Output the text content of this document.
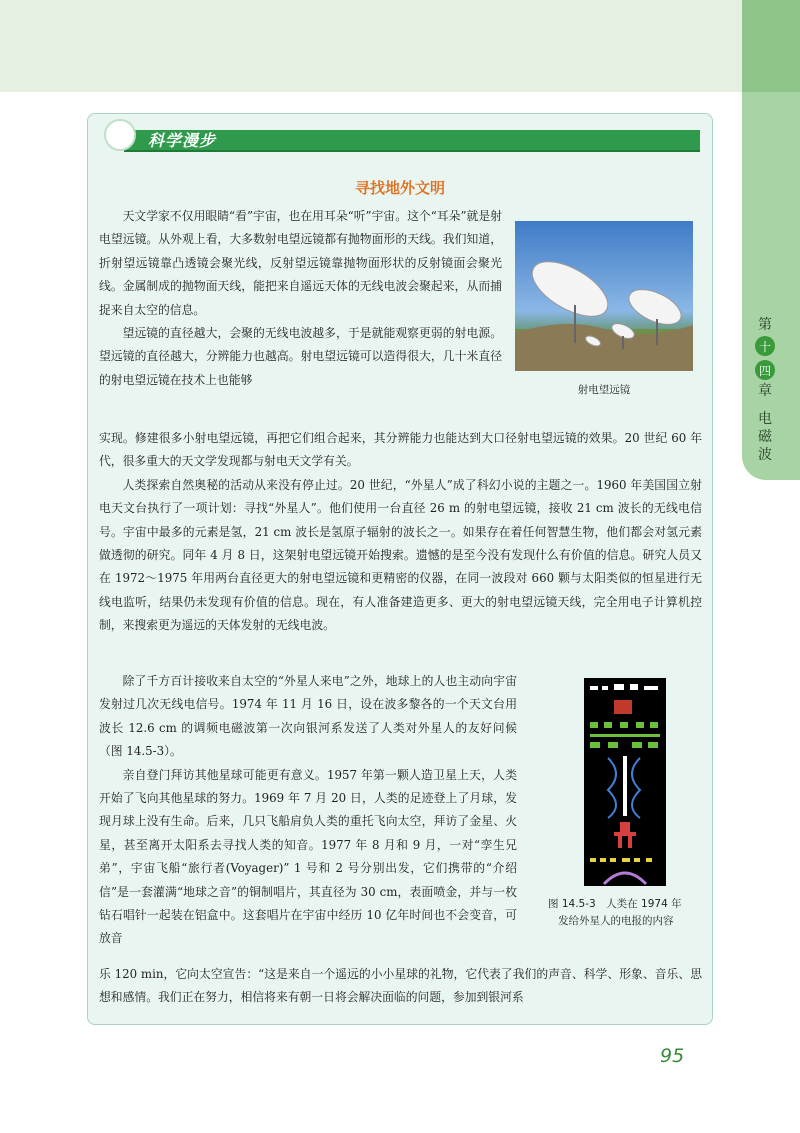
第
十
四
章
电磁波
科学漫步
寻找地外文明

天文学家不仅用眼睛“看”宇宙，也在用耳朵“听”宇宙。这个“耳朵”就是射电望远镜。从外观上看，大多数射电望远镜都有抛物面形的天线。我们知道，折射望远镜靠凸透镜会聚光线，反射望远镜靠抛物面形状的反射镜面会聚光线。金属制成的抛物面天线，能把来自遥远天体的无线电波会聚起来，从而捕捉来自太空的信息。

望远镜的直径越大，会聚的无线电波越多，于是就能观察更弱的射电源。望远镜的直径越大，分辨能力也越高。射电望远镜可以造得很大，几十米直径的射电望远镜在技术上也能够

射电望远镜

实现。修建很多小射电望远镜，再把它们组合起来，其分辨能力也能达到大口径射电望远镜的效果。20 世纪 60 年代，很多重大的天文学发现都与射电天文学有关。

人类探索自然奥秘的活动从来没有停止过。20 世纪，“外星人”成了科幻小说的主题之一。1960 年美国国立射电天文台执行了一项计划：寻找“外星人”。他们使用一台直径 26 m 的射电望远镜，接收 21 cm 波长的无线电信号。宇宙中最多的元素是氢，21 cm 波长是氢原子辐射的波长之一。如果存在着任何智慧生物，他们都会对氢元素做透彻的研究。同年 4 月 8 日，这架射电望远镜开始搜索。遗憾的是至今没有发现什么有价值的信息。研究人员又在 1972～1975 年用两台直径更大的射电望远镜和更精密的仪器，在同一波段对 660 颗与太阳类似的恒星进行无线电监听，结果仍未发现有价值的信息。现在，有人准备建造更多、更大的射电望远镜天线，完全用电子计算机控制，来搜索更为遥远的天体发射的无线电波。

除了千方百计接收来自太空的“外星人来电”之外，地球上的人也主动向宇宙发射过几次无线电信号。1974 年 11 月 16 日，设在波多黎各的一个天文台用波长 12.6 cm 的调频电磁波第一次向银河系发送了人类对外星人的友好问候（图 14.5-3）。

亲自登门拜访其他星球可能更有意义。1957 年第一颗人造卫星上天，人类开始了飞向其他星球的努力。1969 年 7 月 20 日，人类的足迹登上了月球，发现月球上没有生命。后来，几只飞船肩负人类的重托飞向太空，拜访了金星、火星，甚至离开太阳系去寻找人类的知音。1977 年 8 月和 9 月，一对“孪生兄弟”，宇宙飞船“旅行者(Voyager)” 1 号和 2 号分别出发，它们携带的“介绍信”是一套灌满“地球之音”的铜制唱片，其直径为 30 cm，表面喷金，并与一枚钻石唱针一起装在铝盒中。这套唱片在宇宙中经历 10 亿年时间也不会变音，可放音

图 14.5-3　人类在 1974 年
发给外星人的电报的内容

乐 120 min，它向太空宣告：“这是来自一个遥远的小小星球的礼物，它代表了我们的声音、科学、形象、音乐、思想和感情。我们正在努力，相信将来有朝一日将会解决面临的问题，参加到银河系

95
